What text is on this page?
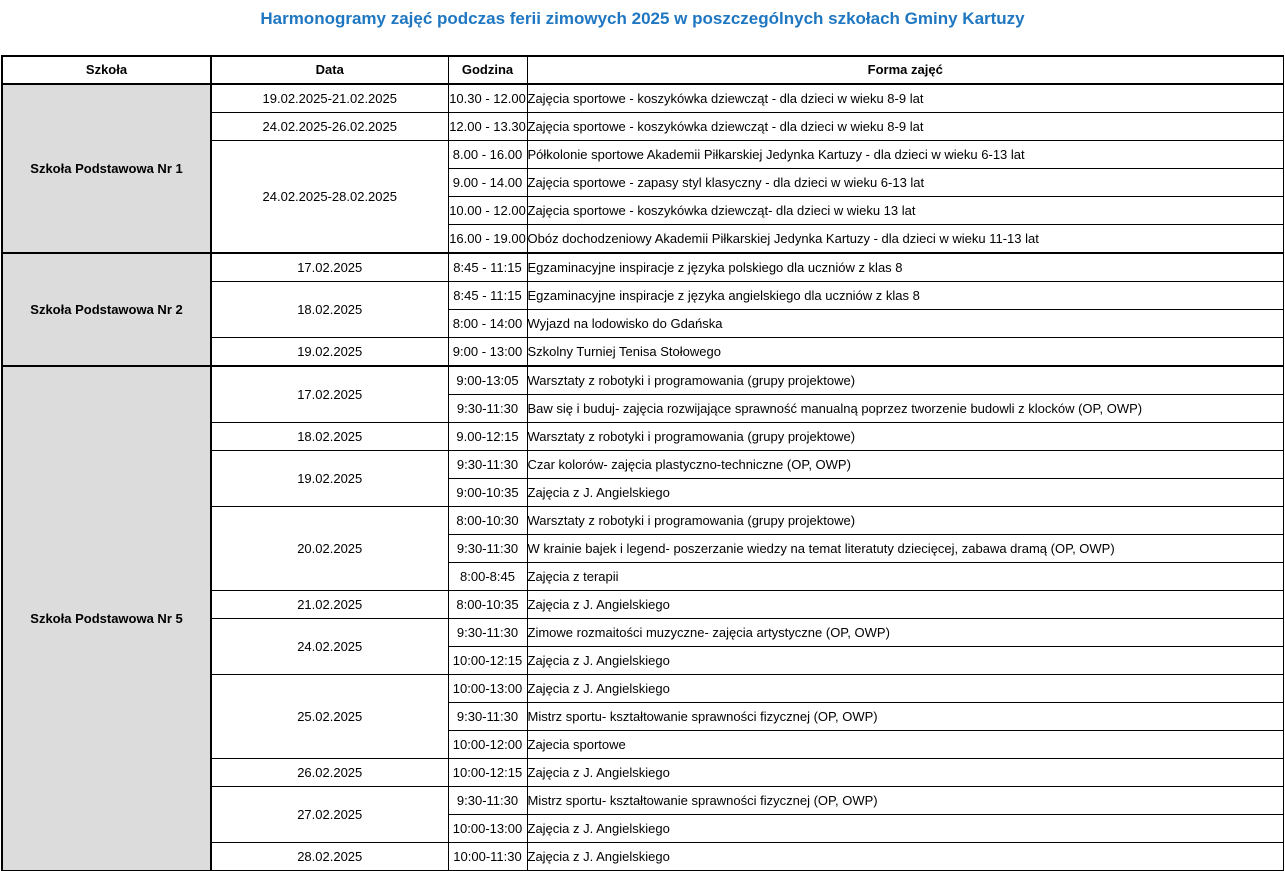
Harmonogramy zajęć podczas ferii zimowych 2025 w poszczególnych szkołach Gminy Kartuzy
Szkoła	Data	Godzina	Forma zajęć
Szkoła Podstawowa Nr 1	19.02.2025-21.02.2025	10.30 - 12.00	Zajęcia sportowe - koszykówka dziewcząt - dla dzieci w wieku 8-9 lat
	24.02.2025-26.02.2025	12.00 - 13.30	Zajęcia sportowe - koszykówka dziewcząt - dla dzieci w wieku 8-9 lat
	24.02.2025-28.02.2025	8.00 - 16.00	Półkolonie sportowe Akademii Piłkarskiej Jedynka Kartuzy - dla dzieci w wieku 6-13 lat
		9.00 - 14.00	Zajęcia sportowe - zapasy styl klasyczny - dla dzieci w wieku 6-13 lat
		10.00 - 12.00	Zajęcia sportowe - koszykówka dziewcząt- dla dzieci w wieku 13 lat
		16.00 - 19.00	Obóz dochodzeniowy Akademii Piłkarskiej Jedynka Kartuzy - dla dzieci w wieku 11-13 lat
Szkoła Podstawowa Nr 2	17.02.2025	8:45 - 11:15	Egzaminacyjne inspiracje z języka polskiego dla uczniów z klas 8
	18.02.2025	8:45 - 11:15	Egzaminacyjne inspiracje z języka angielskiego dla uczniów z klas 8
		8:00 - 14:00	Wyjazd na lodowisko do Gdańska
	19.02.2025	9:00 - 13:00	Szkolny Turniej Tenisa Stołowego
Szkoła Podstawowa Nr 5	17.02.2025	9:00-13:05	Warsztaty z robotyki i programowania (grupy projektowe)
		9:30-11:30	Baw się i buduj- zajęcia rozwijające sprawność manualną poprzez tworzenie budowli z klocków (OP, OWP)
	18.02.2025	9.00-12:15	Warsztaty z robotyki i programowania (grupy projektowe)
	19.02.2025	9:30-11:30	Czar kolorów- zajęcia plastyczno-techniczne (OP, OWP)
		9:00-10:35	Zajęcia z J. Angielskiego
	20.02.2025	8:00-10:30	Warsztaty z robotyki i programowania (grupy projektowe)
		9:30-11:30	W krainie bajek i legend- poszerzanie wiedzy na temat literatuty dziecięcej, zabawa dramą (OP, OWP)
		8:00-8:45	Zajęcia z terapii
	21.02.2025	8:00-10:35	Zajęcia z J. Angielskiego
	24.02.2025	9:30-11:30	Zimowe rozmaitości muzyczne- zajęcia artystyczne (OP, OWP)
		10:00-12:15	Zajęcia z J. Angielskiego
	25.02.2025	10:00-13:00	Zajęcia z J. Angielskiego
		9:30-11:30	Mistrz sportu- kształtowanie sprawności fizycznej (OP, OWP)
		10:00-12:00	Zajecia sportowe
	26.02.2025	10:00-12:15	Zajęcia z J. Angielskiego
	27.02.2025	9:30-11:30	Mistrz sportu- kształtowanie sprawności fizycznej (OP, OWP)
		10:00-13:00	Zajęcia z J. Angielskiego
	28.02.2025	10:00-11:30	Zajęcia z J. Angielskiego
